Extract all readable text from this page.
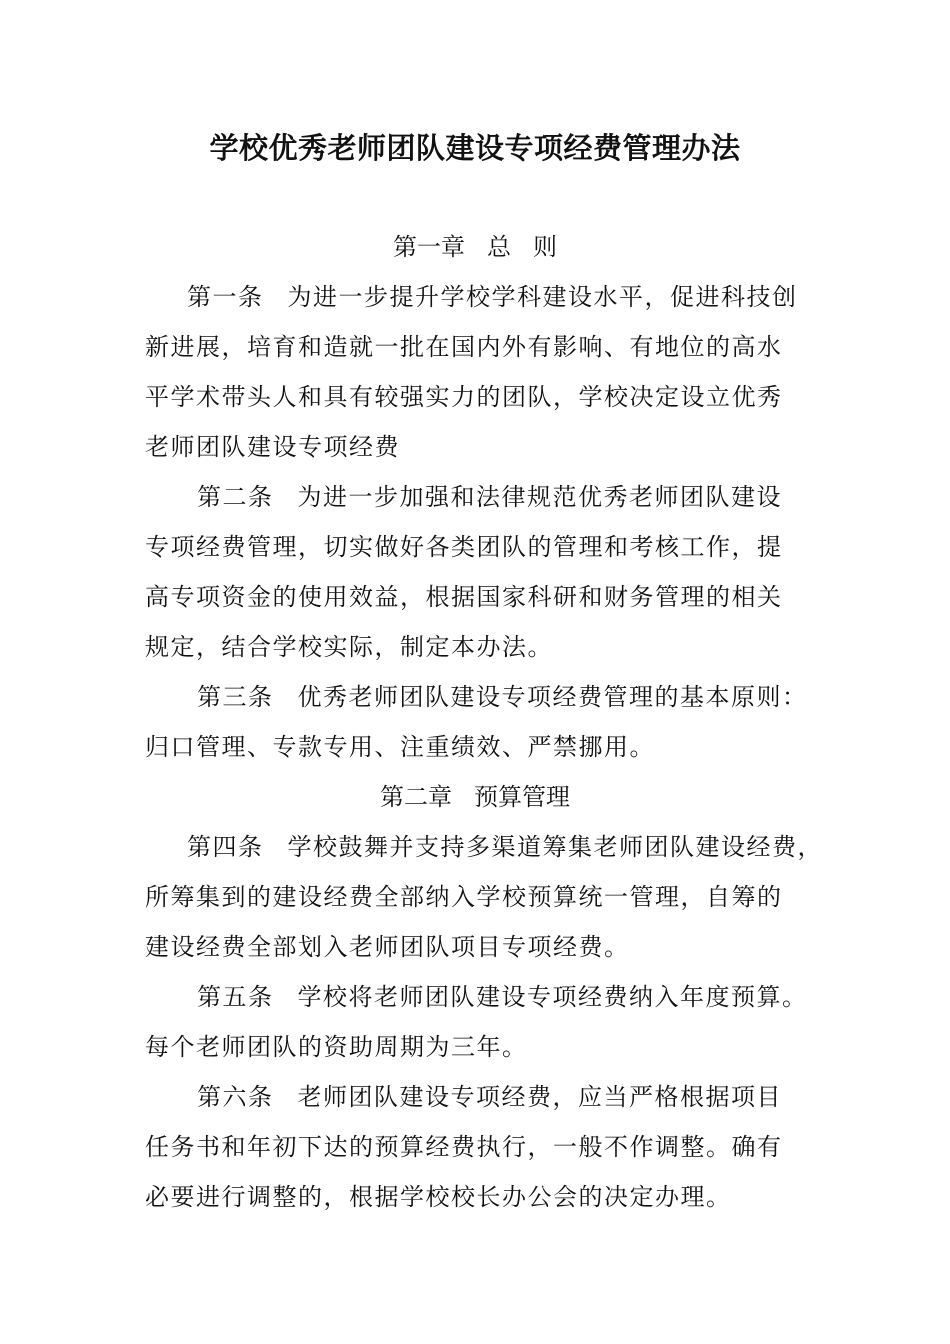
学校优秀老师团队建设专项经费管理办法
第一章 总 则
第一条 为进一步提升学校学科建设水平，促进科技创
新进展，培育和造就一批在国内外有影响、有地位的高水
平学术带头人和具有较强实力的团队，学校决定设立优秀
老师团队建设专项经费
第二条 为进一步加强和法律规范优秀老师团队建设
专项经费管理，切实做好各类团队的管理和考核工作，提
高专项资金的使用效益，根据国家科研和财务管理的相关
规定，结合学校实际，制定本办法。
第三条 优秀老师团队建设专项经费管理的基本原则：
归口管理、专款专用、注重绩效、严禁挪用。
第二章 预算管理
第四条 学校鼓舞并支持多渠道筹集老师团队建设经费，
所筹集到的建设经费全部纳入学校预算统一管理，自筹的
建设经费全部划入老师团队项目专项经费。
第五条 学校将老师团队建设专项经费纳入年度预算。
每个老师团队的资助周期为三年。
第六条 老师团队建设专项经费，应当严格根据项目
任务书和年初下达的预算经费执行，一般不作调整。确有
必要进行调整的，根据学校校长办公会的决定办理。
